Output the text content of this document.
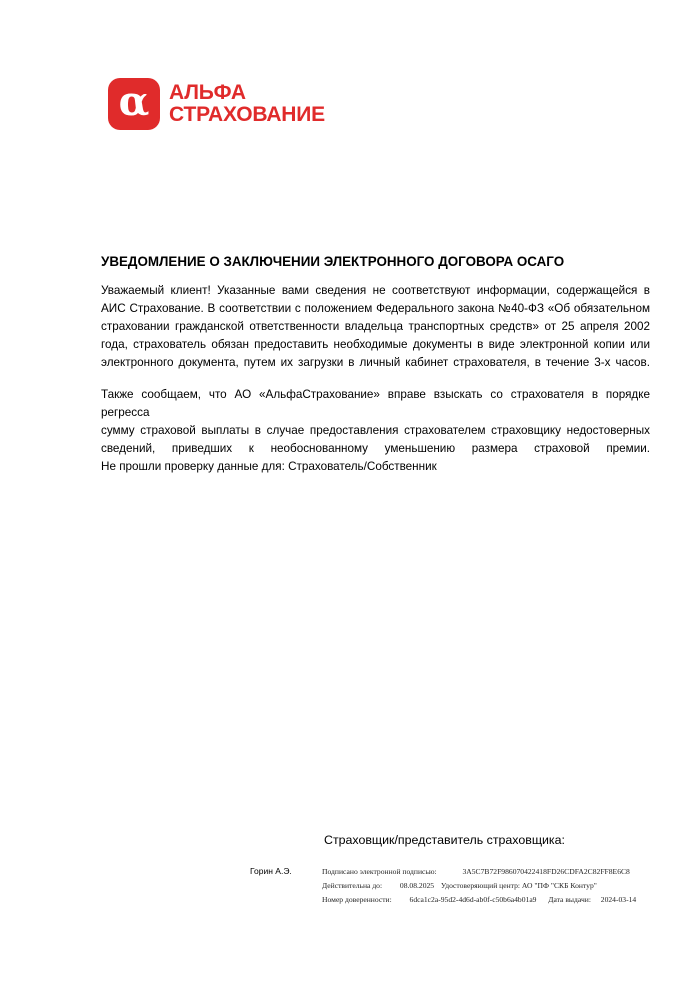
α АЛЬФА
СТРАХОВАНИЕ
УВЕДОМЛЕНИЕ О ЗАКЛЮЧЕНИИ ЭЛЕКТРОННОГО ДОГОВОРА ОСАГО
Уважаемый клиент! Указанные вами сведения не соответствуют информации, содержащейся в
АИС Страхование. В соответствии с положением Федерального закона №40-ФЗ «Об обязательном
страховании гражданской ответственности владельца транспортных средств» от 25 апреля 2002
года, страхователь обязан предоставить необходимые документы в виде электронной копии или
электронного документа, путем их загрузки в личный кабинет страхователя, в течение 3-х часов.
Также сообщаем, что АО «АльфаСтрахование» вправе взыскать со страхователя в порядке регресса
сумму страховой выплаты в случае предоставления страхователем страховщику недостоверных
сведений, приведших к необоснованному уменьшению размера страховой премии.
Не прошли проверку данные для: Страхователь/Собственник
Страховщик/представитель страховщика:
Горин А.Э.	Подписано электронной подписью:	3A5C7B72F986070422418FD26CDFA2C82FF8E6C8
Действительна до: 08.08.2025 Удостоверяющий центр: АО "ПФ "СКБ Контур"
Номер доверенности: 6dca1c2a-95d2-4d6d-ab0f-c50b6a4b01a9 Дата выдачи: 2024-03-14
